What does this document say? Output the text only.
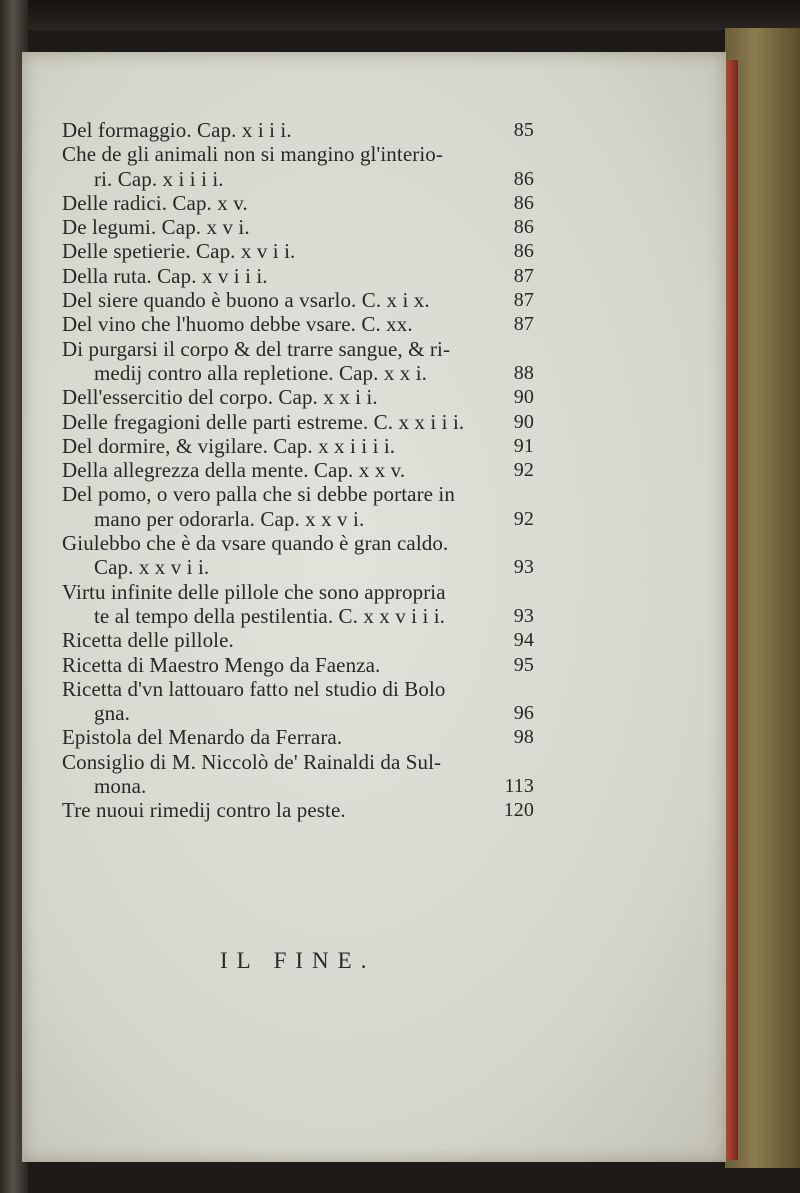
Del formaggio. Cap. x i i i.	85
Che de gli animali non si mangino gl'interio-
ri. Cap. x i i i i.	86
Delle radici. Cap. x v.	86
De legumi. Cap. x v i.	86
Delle spetierie. Cap. x v i i.	86
Della ruta. Cap. x v i i i.	87
Del siere quando è buono a vsarlo. C. x i x.	87
Del vino che l'huomo debbe vsare. C. xx.	87
Di purgarsi il corpo & del trarre sangue, & ri-
medij contro alla repletione. Cap. x x i.	88
Dell'essercitio del corpo. Cap. x x i i.	90
Delle fregagioni delle parti estreme. C. x x i i i.	90
Del dormire, & vigilare. Cap. x x i i i i.	91
Della allegrezza della mente. Cap. x x v.	92
Del pomo, o vero palla che si debbe portare in
mano per odorarla. Cap. x x v i.	92
Giulebbo che è da vsare quando è gran caldo.
Cap. x x v i i.	93
Virtu infinite delle pillole che sono appropria
te al tempo della pestilentia. C. x x v i i i.	93
Ricetta delle pillole.	94
Ricetta di Maestro Mengo da Faenza.	95
Ricetta d'vn lattouaro fatto nel studio di Bolo
gna.	96
Epistola del Menardo da Ferrara.	98
Consiglio di M. Niccolò de' Rainaldi da Sul-
mona.	113
Tre nuoui rimedij contro la peste.	120
IL FINE.
